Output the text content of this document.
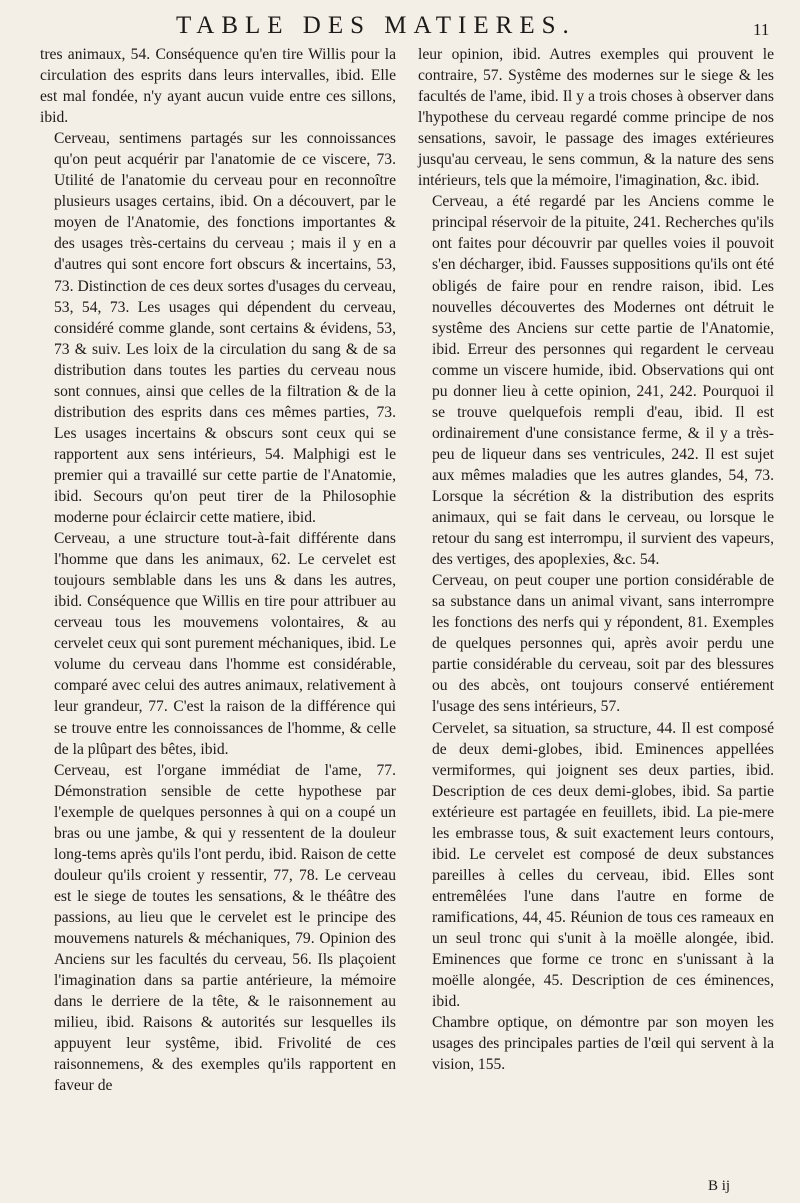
TABLE DES MATIERES.	11

tres animaux, 54. Conséquence qu'en tire Willis pour la circulation des esprits dans leurs intervalles, ibid. Elle est mal fondée, n'y ayant aucun vuide entre ces sillons, ibid.

Cerveau, sentimens partagés sur les connoissances qu'on peut acquérir par l'anatomie de ce viscere, 73. Utilité de l'anatomie du cerveau pour en reconnoître plusieurs usages certains, ibid. On a découvert, par le moyen de l'Anatomie, des fonctions importantes & des usages très-certains du cerveau ; mais il y en a d'autres qui sont encore fort obscurs & incertains, 53, 73. Distinction de ces deux sortes d'usages du cerveau, 53, 54, 73. Les usages qui dépendent du cerveau, considéré comme glande, sont certains & évidens, 53, 73 & suiv. Les loix de la circulation du sang & de sa distribution dans toutes les parties du cerveau nous sont connues, ainsi que celles de la filtration & de la distribution des esprits dans ces mêmes parties, 73. Les usages incertains & obscurs sont ceux qui se rapportent aux sens intérieurs, 54. Malphigi est le premier qui a travaillé sur cette partie de l'Anatomie, ibid. Secours qu'on peut tirer de la Philosophie moderne pour éclaircir cette matiere, ibid.

Cerveau, a une structure tout-à-fait différente dans l'homme que dans les animaux, 62. Le cervelet est toujours semblable dans les uns & dans les autres, ibid. Conséquence que Willis en tire pour attribuer au cerveau tous les mouvemens volontaires, & au cervelet ceux qui sont purement méchaniques, ibid. Le volume du cerveau dans l'homme est considérable, comparé avec celui des autres animaux, relativement à leur grandeur, 77. C'est la raison de la différence qui se trouve entre les connoissances de l'homme, & celle de la plûpart des bêtes, ibid.

Cerveau, est l'organe immédiat de l'ame, 77. Démonstration sensible de cette hypothese par l'exemple de quelques personnes à qui on a coupé un bras ou une jambe, & qui y ressentent de la douleur long-tems après qu'ils l'ont perdu, ibid. Raison de cette douleur qu'ils croient y ressentir, 77, 78. Le cerveau est le siege de toutes les sensations, & le théâtre des passions, au lieu que le cervelet est le principe des mouvemens naturels & méchaniques, 79. Opinion des Anciens sur les facultés du cerveau, 56. Ils plaçoient l'imagination dans sa partie antérieure, la mémoire dans le derriere de la tête, & le raisonnement au milieu, ibid. Raisons & autorités sur lesquelles ils appuyent leur systême, ibid. Frivolité de ces raisonnemens, & des exemples qu'ils rapportent en faveur de

leur opinion, ibid. Autres exemples qui prouvent le contraire, 57. Systême des modernes sur le siege & les facultés de l'ame, ibid. Il y a trois choses à observer dans l'hypothese du cerveau regardé comme principe de nos sensations, savoir, le passage des images extérieures jusqu'au cerveau, le sens commun, & la nature des sens intérieurs, tels que la mémoire, l'imagination, &c. ibid.

Cerveau, a été regardé par les Anciens comme le principal réservoir de la pituite, 241. Recherches qu'ils ont faites pour découvrir par quelles voies il pouvoit s'en décharger, ibid. Fausses suppositions qu'ils ont été obligés de faire pour en rendre raison, ibid. Les nouvelles découvertes des Modernes ont détruit le systême des Anciens sur cette partie de l'Anatomie, ibid. Erreur des personnes qui regardent le cerveau comme un viscere humide, ibid. Observations qui ont pu donner lieu à cette opinion, 241, 242. Pourquoi il se trouve quelquefois rempli d'eau, ibid. Il est ordinairement d'une consistance ferme, & il y a très-peu de liqueur dans ses ventricules, 242. Il est sujet aux mêmes maladies que les autres glandes, 54, 73. Lorsque la sécrétion & la distribution des esprits animaux, qui se fait dans le cerveau, ou lorsque le retour du sang est interrompu, il survient des vapeurs, des vertiges, des apoplexies, &c. 54.

Cerveau, on peut couper une portion considérable de sa substance dans un animal vivant, sans interrompre les fonctions des nerfs qui y répondent, 81. Exemples de quelques personnes qui, après avoir perdu une partie considérable du cerveau, soit par des blessures ou des abcès, ont toujours conservé entiérement l'usage des sens intérieurs, 57.

Cervelet, sa situation, sa structure, 44. Il est composé de deux demi-globes, ibid. Eminences appellées vermiformes, qui joignent ses deux parties, ibid. Description de ces deux demi-globes, ibid. Sa partie extérieure est partagée en feuillets, ibid. La pie-mere les embrasse tous, & suit exactement leurs contours, ibid. Le cervelet est composé de deux substances pareilles à celles du cerveau, ibid. Elles sont entremêlées l'une dans l'autre en forme de ramifications, 44, 45. Réunion de tous ces rameaux en un seul tronc qui s'unit à la moëlle alongée, ibid. Eminences que forme ce tronc en s'unissant à la moëlle alongée, 45. Description de ces éminences, ibid.

Chambre optique, on démontre par son moyen les usages des principales parties de l'œil qui servent à la vision, 155.

B ij
